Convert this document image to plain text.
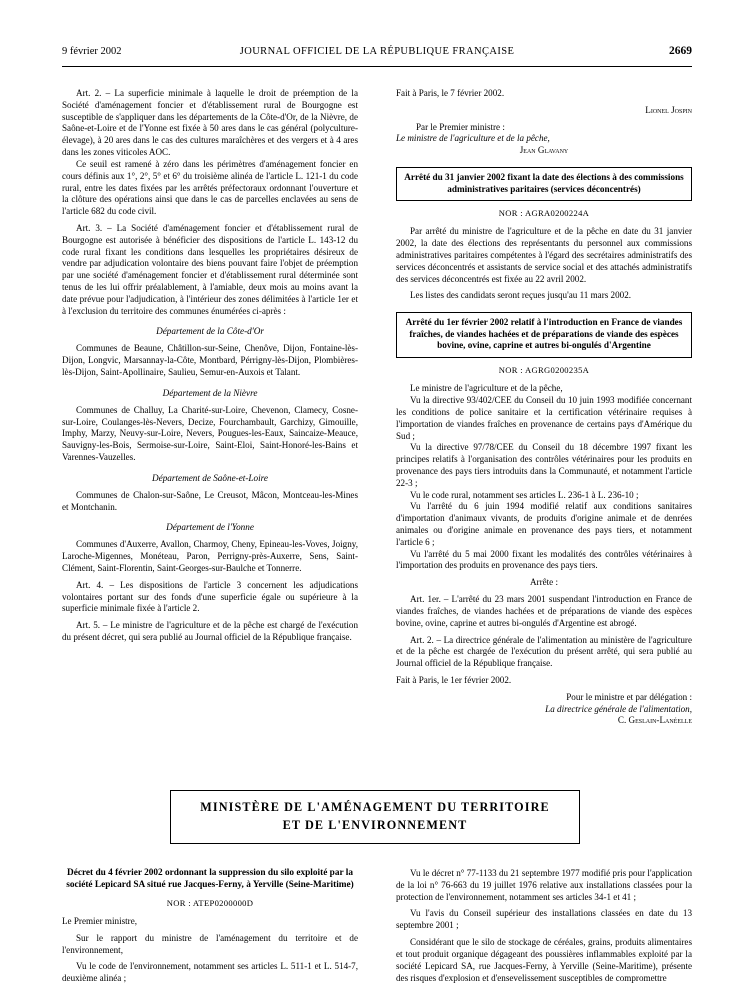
9 février 2002	JOURNAL OFFICIEL DE LA RÉPUBLIQUE FRANÇAISE	2669

Art. 2. – La superficie minimale à laquelle le droit de préemption de la Société d'aménagement foncier et d'établissement rural de Bourgogne est susceptible de s'appliquer dans les départements de la Côte-d'Or, de la Nièvre, de Saône-et-Loire et de l'Yonne est fixée à 50 ares dans le cas général (polyculture-élevage), à 20 ares dans le cas des cultures maraîchères et des vergers et à 4 ares dans les zones viticoles AOC.

Ce seuil est ramené à zéro dans les périmètres d'aménagement foncier en cours définis aux 1°, 2°, 5° et 6° du troisième alinéa de l'article L. 121-1 du code rural, entre les dates fixées par les arrêtés préfectoraux ordonnant l'ouverture et la clôture des opérations ainsi que dans le cas de parcelles enclavées au sens de l'article 682 du code civil.

Art. 3. – La Société d'aménagement foncier et d'établissement rural de Bourgogne est autorisée à bénéficier des dispositions de l'article L. 143-12 du code rural fixant les conditions dans lesquelles les propriétaires désireux de vendre par adjudication volontaire des biens pouvant faire l'objet de préemption par une société d'aménagement foncier et d'établissement rural déterminée sont tenus de les lui offrir préalablement, à l'amiable, deux mois au moins avant la date prévue pour l'adjudication, à l'intérieur des zones délimitées à l'article 1er et à l'exclusion du territoire des communes énumérées ci-après :

Département de la Côte-d'Or

Communes de Beaune, Châtillon-sur-Seine, Chenôve, Dijon, Fontaine-lès-Dijon, Longvic, Marsannay-la-Côte, Montbard, Pérrigny-lès-Dijon, Plombières-lès-Dijon, Saint-Apollinaire, Saulieu, Semur-en-Auxois et Talant.

Département de la Nièvre

Communes de Challuy, La Charité-sur-Loire, Chevenon, Clamecy, Cosne-sur-Loire, Coulanges-lès-Nevers, Decize, Fourchambault, Garchizy, Gimouille, Imphy, Marzy, Neuvy-sur-Loire, Nevers, Pougues-les-Eaux, Saincaize-Meauce, Sauvigny-les-Bois, Sermoise-sur-Loire, Saint-Eloi, Saint-Honoré-les-Bains et Varennes-Vauzelles.

Département de Saône-et-Loire

Communes de Chalon-sur-Saône, Le Creusot, Mâcon, Montceau-les-Mines et Montchanin.

Département de l'Yonne

Communes d'Auxerre, Avallon, Charmoy, Cheny, Epineau-les-Voves, Joigny, Laroche-Migennes, Monéteau, Paron, Perrigny-près-Auxerre, Sens, Saint-Clément, Saint-Florentin, Saint-Georges-sur-Baulche et Tonnerre.

Art. 4. – Les dispositions de l'article 3 concernent les adjudications volontaires portant sur des fonds d'une superficie égale ou supérieure à la superficie minimale fixée à l'article 2.

Art. 5. – Le ministre de l'agriculture et de la pêche est chargé de l'exécution du présent décret, qui sera publié au Journal officiel de la République française.

Fait à Paris, le 7 février 2002.

Lionel Jospin

Par le Premier ministre :

Le ministre de l'agriculture et de la pêche,

Jean Glavany

Arrêté du 31 janvier 2002 fixant la date des élections à des commissions administratives paritaires (services déconcentrés)
NOR : AGRA0200224A

Par arrêté du ministre de l'agriculture et de la pêche en date du 31 janvier 2002, la date des élections des représentants du personnel aux commissions administratives paritaires compétentes à l'égard des secrétaires administratifs des services déconcentrés et assistants de service social et des attachés administratifs des services déconcentrés est fixée au 22 avril 2002.

Les listes des candidats seront reçues jusqu'au 11 mars 2002.

Arrêté du 1er février 2002 relatif à l'introduction en France de viandes fraîches, de viandes hachées et de préparations de viande des espèces bovine, ovine, caprine et autres bi-ongulés d'Argentine
NOR : AGRG0200235A

Le ministre de l'agriculture et de la pêche,

Vu la directive 93/402/CEE du Conseil du 10 juin 1993 modifiée concernant les conditions de police sanitaire et la certification vétérinaire requises à l'importation de viandes fraîches en provenance de certains pays d'Amérique du Sud ;

Vu la directive 97/78/CEE du Conseil du 18 décembre 1997 fixant les principes relatifs à l'organisation des contrôles vétérinaires pour les produits en provenance des pays tiers introduits dans la Communauté, et notamment l'article 22-3 ;

Vu le code rural, notamment ses articles L. 236-1 à L. 236-10 ;

Vu l'arrêté du 6 juin 1994 modifié relatif aux conditions sanitaires d'importation d'animaux vivants, de produits d'origine animale et de denrées animales ou d'origine animale en provenance des pays tiers, et notamment l'article 6 ;

Vu l'arrêté du 5 mai 2000 fixant les modalités des contrôles vétérinaires à l'importation des produits en provenance des pays tiers.

Arrête :

Art. 1er. – L'arrêté du 23 mars 2001 suspendant l'introduction en France de viandes fraîches, de viandes hachées et de préparations de viande des espèces bovine, ovine, caprine et autres bi-ongulés d'Argentine est abrogé.

Art. 2. – La directrice générale de l'alimentation au ministère de l'agriculture et de la pêche est chargée de l'exécution du présent arrêté, qui sera publié au Journal officiel de la République française.

Fait à Paris, le 1er février 2002.

Pour le ministre et par délégation :

La directrice générale de l'alimentation,

C. Geslain-Lanéelle

MINISTÈRE DE L'AMÉNAGEMENT DU TERRITOIRE
ET DE L'ENVIRONNEMENT
Décret du 4 février 2002 ordonnant la suppression du silo exploité par la société Lepicard SA situé rue Jacques-Ferny, à Yerville (Seine-Maritime)
NOR : ATEP0200000D

Le Premier ministre,

Sur le rapport du ministre de l'aménagement du territoire et de l'environnement,

Vu le code de l'environnement, notamment ses articles L. 511-1 et L. 514-7, deuxième alinéa ;

Vu le décret n° 77-1133 du 21 septembre 1977 modifié pris pour l'application de la loi n° 76-663 du 19 juillet 1976 relative aux installations classées pour la protection de l'environnement, notamment ses articles 34-1 et 41 ;

Vu l'avis du Conseil supérieur des installations classées en date du 13 septembre 2001 ;

Considérant que le silo de stockage de céréales, grains, produits alimentaires et tout produit organique dégageant des poussières inflammables exploité par la société Lepicard SA, rue Jacques-Ferny, à Yerville (Seine-Maritime), présente des risques d'explosion et d'ensevelissement susceptibles de compromettre
